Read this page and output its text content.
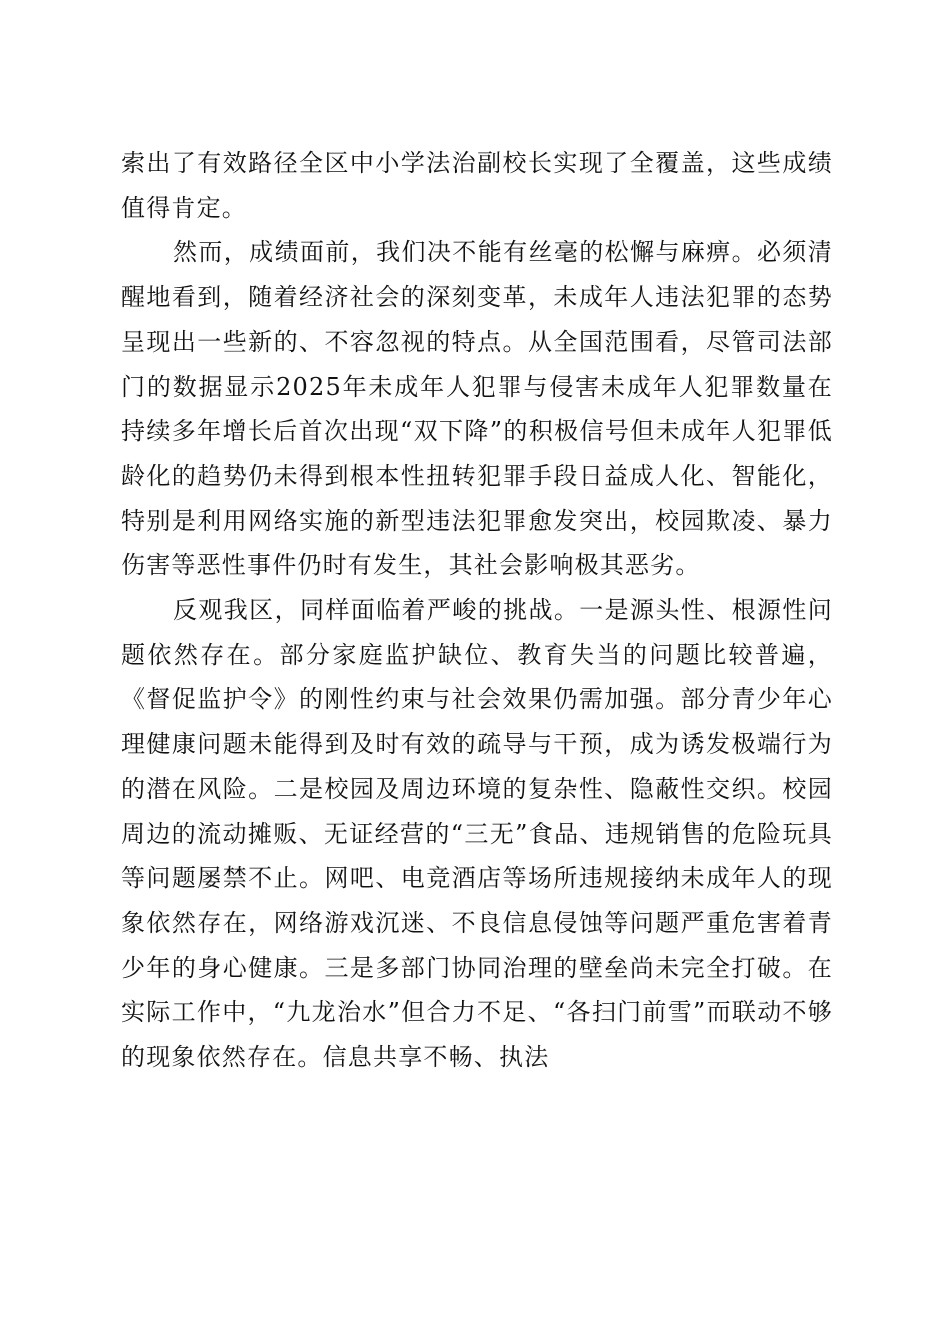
索出了有效路径全区中小学法治副校长实现了全覆盖，这些成绩值得肯定。

然而，成绩面前，我们决不能有丝毫的松懈与麻痹。必须清醒地看到，随着经济社会的深刻变革，未成年人违法犯罪的态势呈现出一些新的、不容忽视的特点。从全国范围看，尽管司法部门的数据显示2025年未成年人犯罪与侵害未成年人犯罪数量在持续多年增长后首次出现“双下降”的积极信号但未成年人犯罪低龄化的趋势仍未得到根本性扭转犯罪手段日益成人化、智能化，特别是利用网络实施的新型违法犯罪愈发突出，校园欺凌、暴力伤害等恶性事件仍时有发生，其社会影响极其恶劣。

反观我区，同样面临着严峻的挑战。一是源头性、根源性问题依然存在。部分家庭监护缺位、教育失当的问题比较普遍，《督促监护令》的刚性约束与社会效果仍需加强。部分青少年心理健康问题未能得到及时有效的疏导与干预，成为诱发极端行为的潜在风险。二是校园及周边环境的复杂性、隐蔽性交织。校园周边的流动摊贩、无证经营的“三无”食品、违规销售的危险玩具等问题屡禁不止。网吧、电竞酒店等场所违规接纳未成年人的现象依然存在，网络游戏沉迷、不良信息侵蚀等问题严重危害着青少年的身心健康。三是多部门协同治理的壁垒尚未完全打破。在实际工作中，“九龙治水”但合力不足、“各扫门前雪”而联动不够的现象依然存在。信息共享不畅、执法
